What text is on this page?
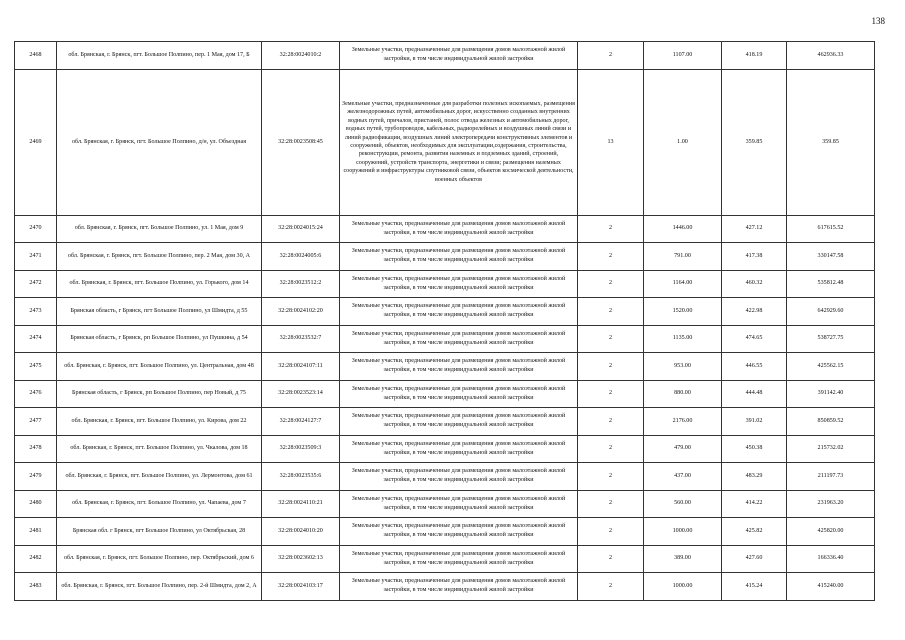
138
2468	обл. Брянская, г. Брянск, пгт. Большое Полпино, пер. 1 Мая, дом 17, Б	32:28:0024010:2	Земельные участки, предназначенные для размещения домов малоэтажной жилой застройки, в том числе индивидуальной жилой застройки	2	1107.00	418.19	462936.33
2469	обл. Брянская, г. Брянск, пгт. Большое Полпино, д/н, ул. Объездная	32:28:0023508:45	Земельные участки, предназначенные для разработки полезных ископаемых, размещения железнодорожных путей, автомобильных дорог, искусственно созданных внутренних водных путей, причалов, пристаней, полос отвода железных и автомобильных дорог, водных путей, трубопроводов, кабельных, радиорелейных и воздушных линий связи и линий радиофикации, воздушных линий электропередачи конструктивных элементов и сооружений, объектов, необходимых для эксплуатации,содержания, строительства, реконструкции, ремонта, развития наземных и подземных зданий, строений, сооружений, устройств транспорта, энергетики и связи; размещения наземных сооружений и инфраструктуры спутниковой связи, объектов космической деятельности, военных объектов	13	1.00	359.85	359.85
2470	обл. Брянская, г. Брянск, пгт. Большое Полпино, ул. 1 Мая, дом 9	32:28:0024015:24	Земельные участки, предназначенные для размещения домов малоэтажной жилой застройки, в том числе индивидуальной жилой застройки	2	1446.00	427.12	617615.52
2471	обл. Брянская, г. Брянск, пгт. Большое Полпино, пер. 2 Мая, дом 30, А	32:28:0024005:6	Земельные участки, предназначенные для размещения домов малоэтажной жилой застройки, в том числе индивидуальной жилой застройки	2	791.00	417.38	330147.58
2472	обл. Брянская, г. Брянск, пгт. Большое Полпино, ул. Горького, дом 14	32:28:0023512:2	Земельные участки, предназначенные для размещения домов малоэтажной жилой застройки, в том числе индивидуальной жилой застройки	2	1164.00	460.32	535812.48
2473	Брянская область, г Брянск, пгт Большое Полпино, ул Шмидта, д 55	32:28:0024102:20	Земельные участки, предназначенные для размещения домов малоэтажной жилой застройки, в том числе индивидуальной жилой застройки	2	1520.00	422.98	642929.60
2474	Брянская область, г Брянск, рп Большое Полпино, ул Пушкина, д 54	32:28:0023532:7	Земельные участки, предназначенные для размещения домов малоэтажной жилой застройки, в том числе индивидуальной жилой застройки	2	1135.00	474.65	538727.75
2475	обл. Брянская, г. Брянск, пгт. Большое Полпино, ул. Центральная, дом 48	32:28:0024107:11	Земельные участки, предназначенные для размещения домов малоэтажной жилой застройки, в том числе индивидуальной жилой застройки	2	953.00	446.55	425562.15
2476	Брянская область, г Брянск, рп Большое Полпино, пер Новый, д 75	32:28:0023523:14	Земельные участки, предназначенные для размещения домов малоэтажной жилой застройки, в том числе индивидуальной жилой застройки	2	880.00	444.48	391142.40
2477	обл. Брянская, г. Брянск, пгт. Большое Полпино, ул. Кирова, дом 22	32:28:0024127:7	Земельные участки, предназначенные для размещения домов малоэтажной жилой застройки, в том числе индивидуальной жилой застройки	2	2176.00	391.02	850859.52
2478	обл. Брянская, г. Брянск, пгт. Большое Полпино, ул. Чкалова, дом 18	32:28:0023509:3	Земельные участки, предназначенные для размещения домов малоэтажной жилой застройки, в том числе индивидуальной жилой застройки	2	479.00	450.38	215732.02
2479	обл. Брянская, г. Брянск, пгт. Большое Полпино, ул. Лермонтова, дом 61	32:28:0023535:6	Земельные участки, предназначенные для размещения домов малоэтажной жилой застройки, в том числе индивидуальной жилой застройки	2	437.00	483.29	211197.73
2480	обл. Брянская, г. Брянск, пгт. Большое Полпино, ул. Чапаева, дом 7	32:28:0024110:21	Земельные участки, предназначенные для размещения домов малоэтажной жилой застройки, в том числе индивидуальной жилой застройки	2	560.00	414.22	231963.20
2481	Брянская обл. г Брянск, пгт Большое Полпино, ул Октябрьская, 28	32:28:0024010:20	Земельные участки, предназначенные для размещения домов малоэтажной жилой застройки, в том числе индивидуальной жилой застройки	2	1000.00	425.82	425820.00
2482	обл. Брянская, г. Брянск, пгт. Большое Полпино, пер. Октябрьский, дом 6	32:28:0023602:13	Земельные участки, предназначенные для размещения домов малоэтажной жилой застройки, в том числе индивидуальной жилой застройки	2	389.00	427.60	166336.40
2483	обл. Брянская, г. Брянск, пгт. Большое Полпино, пер. 2-й Шмидта, дом 2, А	32:28:0024103:17	Земельные участки, предназначенные для размещения домов малоэтажной жилой застройки, в том числе индивидуальной жилой застройки	2	1000.00	415.24	415240.00
